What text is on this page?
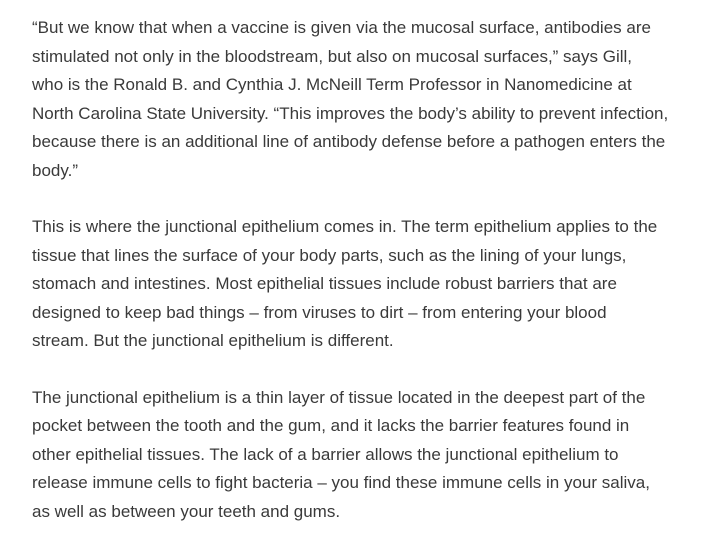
“But we know that when a vaccine is given via the mucosal surface, antibodies are
stimulated not only in the bloodstream, but also on mucosal surfaces,” says Gill,
who is the Ronald B. and Cynthia J. McNeill Term Professor in Nanomedicine at
North Carolina State University. “This improves the body’s ability to prevent infection,
because there is an additional line of antibody defense before a pathogen enters the
body.”

This is where the junctional epithelium comes in. The term epithelium applies to the
tissue that lines the surface of your body parts, such as the lining of your lungs,
stomach and intestines. Most epithelial tissues include robust barriers that are
designed to keep bad things – from viruses to dirt – from entering your blood
stream. But the junctional epithelium is different.

The junctional epithelium is a thin layer of tissue located in the deepest part of the
pocket between the tooth and the gum, and it lacks the barrier features found in
other epithelial tissues. The lack of a barrier allows the junctional epithelium to
release immune cells to fight bacteria – you find these immune cells in your saliva,
as well as between your teeth and gums.
